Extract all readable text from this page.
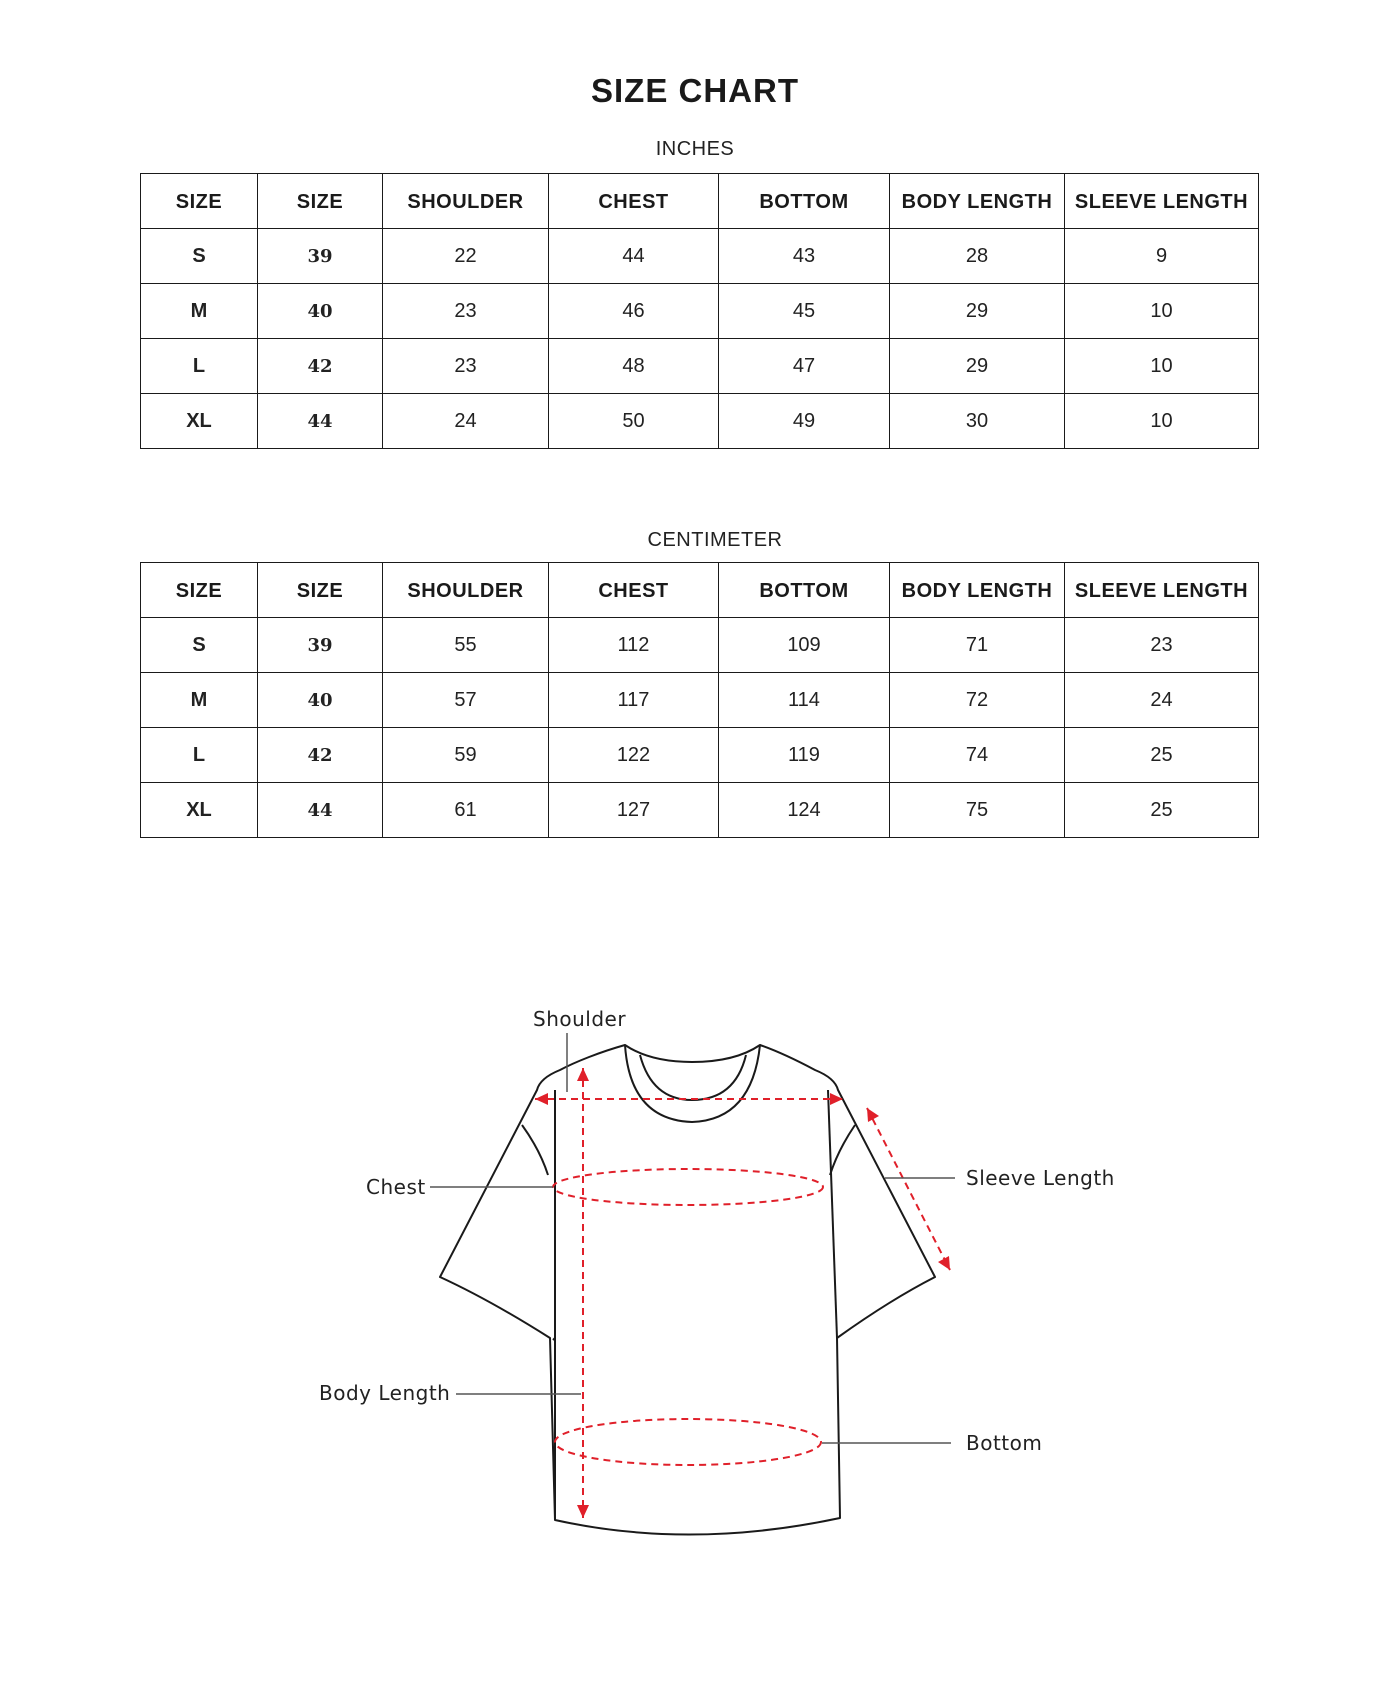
SIZE CHART
INCHES
SIZE	SIZE	SHOULDER	CHEST	BOTTOM	BODY LENGTH	SLEEVE LENGTH
S	39	22	44	43	28	9
M	40	23	46	45	29	10
L	42	23	48	47	29	10
XL	44	24	50	49	30	10
CENTIMETER
SIZE	SIZE	SHOULDER	CHEST	BOTTOM	BODY LENGTH	SLEEVE LENGTH
S	39	55	112	109	71	23
M	40	57	117	114	72	24
L	42	59	122	119	74	25
XL	44	61	127	124	75	25
Shoulder
Chest	Sleeve Length
Body Length
Bottom
